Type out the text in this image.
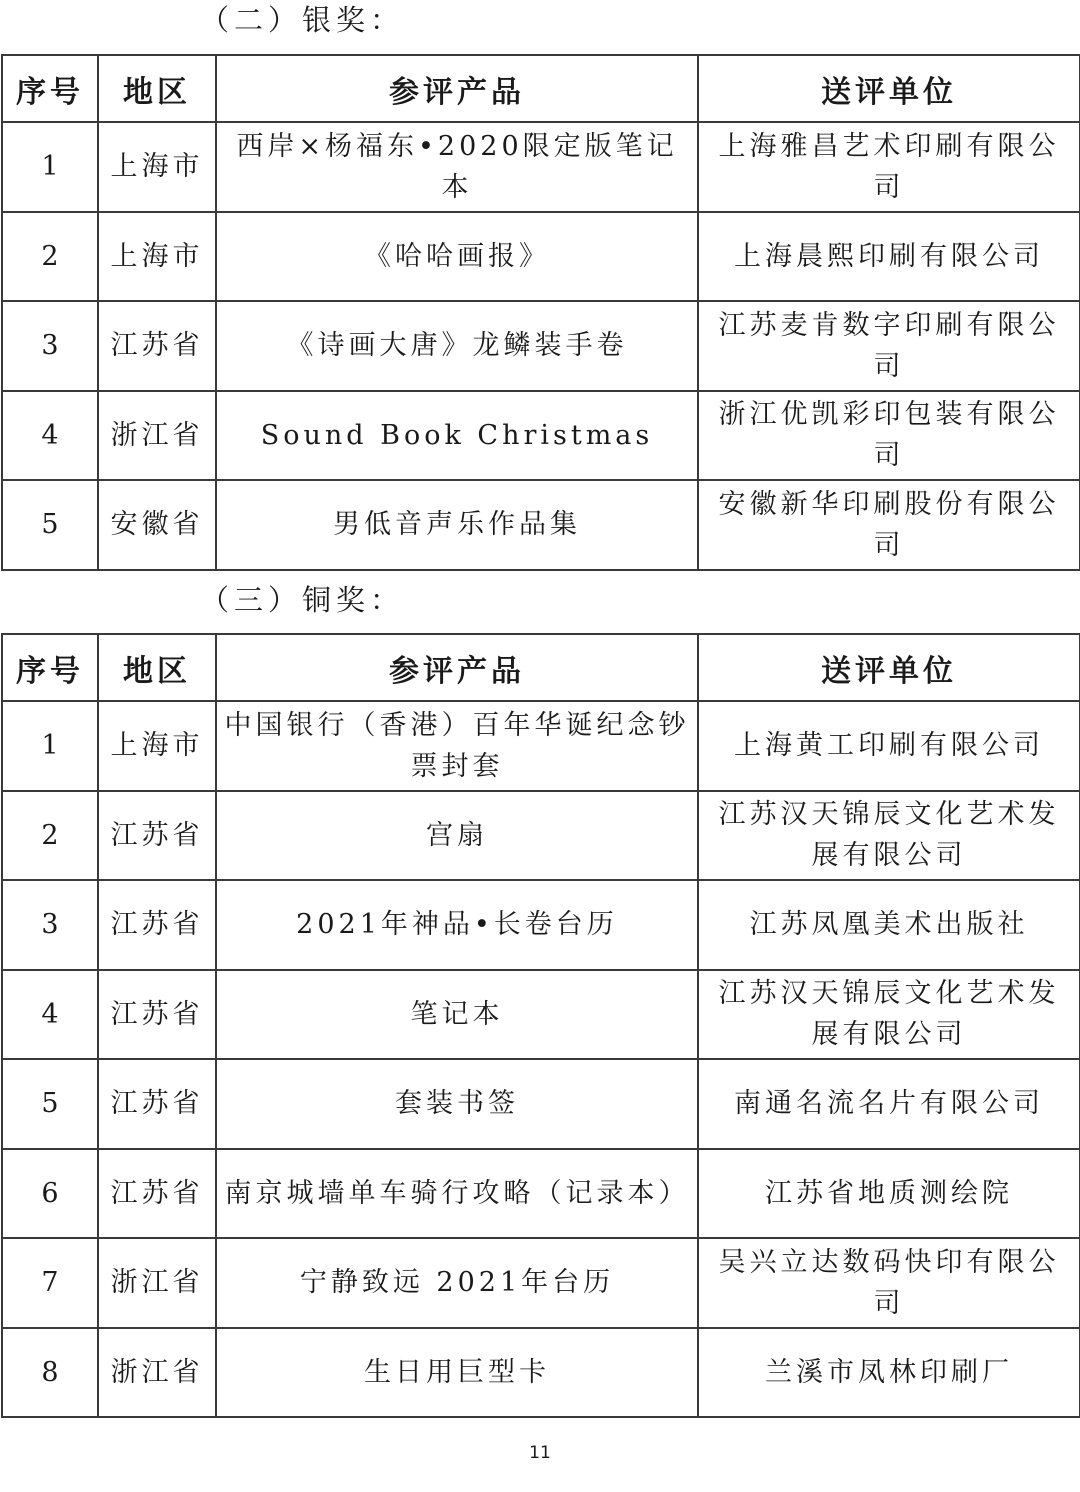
（二）银奖：
序号	地区	参评产品	送评单位
1	上海市	西岸×杨福东•2020限定版笔记本	上海雅昌艺术印刷有限公司
2	上海市	《哈哈画报》	上海晨熙印刷有限公司
3	江苏省	《诗画大唐》龙鳞装手卷	江苏麦肯数字印刷有限公司
4	浙江省	Sound Book Christmas	浙江优凯彩印包装有限公司
5	安徽省	男低音声乐作品集	安徽新华印刷股份有限公司
（三）铜奖：
序号	地区	参评产品	送评单位
1	上海市	中国银行（香港）百年华诞纪念钞票封套	上海黄工印刷有限公司
2	江苏省	宫扇	江苏汉天锦辰文化艺术发展有限公司
3	江苏省	2021年神品•长卷台历	江苏凤凰美术出版社
4	江苏省	笔记本	江苏汉天锦辰文化艺术发展有限公司
5	江苏省	套装书签	南通名流名片有限公司
6	江苏省	南京城墙单车骑行攻略（记录本）	江苏省地质测绘院
7	浙江省	宁静致远 2021年台历	吴兴立达数码快印有限公司
8	浙江省	生日用巨型卡	兰溪市凤林印刷厂
11
